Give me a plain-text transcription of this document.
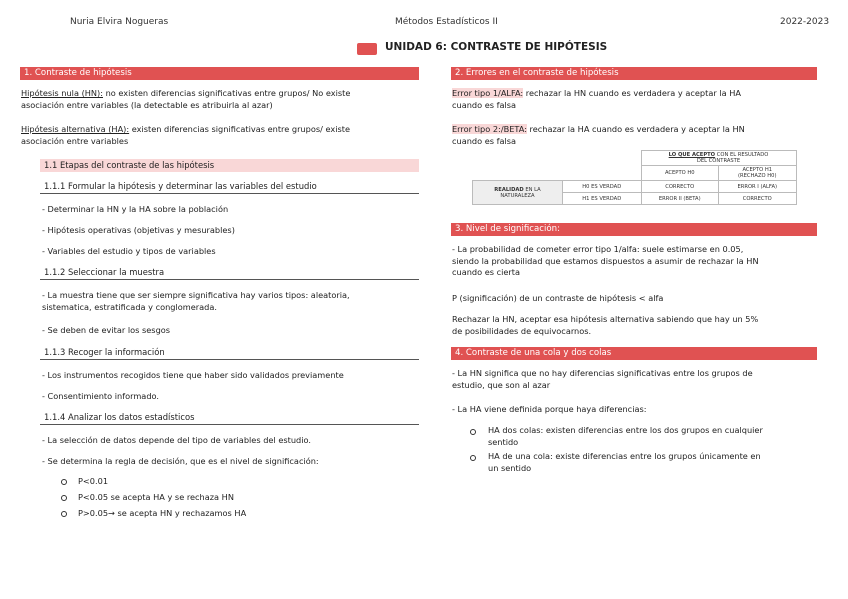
Nuria Elvira Nogueras	Métodos Estadísticos II	2022-2023
UNIDAD 6: CONTRASTE DE HIPÓTESIS
1. Contraste de hipótesis
Hipótesis nula (HN): no existen diferencias significativas entre grupos/ No existe
asociación entre variables (la detectable es atribuirla al azar)
Hipótesis alternativa (HA): existen diferencias significativas entre grupos/ existe
asociación entre variables
1.1 Etapas del contraste de las hipótesis
1.1.1 Formular la hipótesis y determinar las variables del estudio
- Determinar la HN y la HA sobre la población
- Hipótesis operativas (objetivas y mesurables)
- Variables del estudio y tipos de variables
1.1.2 Seleccionar la muestra
- La muestra tiene que ser siempre significativa hay varios tipos: aleatoria,
sistematica, estratificada y conglomerada.
- Se deben de evitar los sesgos
1.1.3 Recoger la información
- Los instrumentos recogidos tiene que haber sido validados previamente
- Consentimiento informado.
1.1.4 Analizar los datos estadísticos
- La selección de datos depende del tipo de variables del estudio.
- Se determina la regla de decisión, que es el nivel de significación:
P<0.01
P<0.05 se acepta HA y se rechaza HN
P>0.05→ se acepta HN y rechazamos HA
2. Errores en el contraste de hipótesis
Error tipo 1/ALFA: rechazar la HN cuando es verdadera y aceptar la HA
cuando es falsa
Error tipo 2:/BETA: rechazar la HA cuando es verdadera y aceptar la HN
cuando es falsa
		LO QUE ACEPTO CON EL RESULTADO
DEL CONTRASTE	
		ACEPTO H0	ACEPTO H1
(RECHAZO H0)
REALIDAD EN LA
NATURALEZA	H0 ES VERDAD	CORRECTO	ERROR I (ALFA)
	H1 ES VERDAD	ERROR II (BETA)	CORRECTO
3. Nivel de significación:
- La probabilidad de cometer error tipo 1/alfa: suele estimarse en 0.05,
siendo la probabilidad que estamos dispuestos a asumir de rechazar la HN
cuando es cierta
P (significación) de un contraste de hipótesis < alfa
Rechazar la HN, aceptar esa hipótesis alternativa sabiendo que hay un 5%
de posibilidades de equivocarnos.
4. Contraste de una cola y dos colas
- La HN significa que no hay diferencias significativas entre los grupos de
estudio, que son al azar
- La HA viene definida porque haya diferencias:
HA dos colas: existen diferencias entre los dos grupos en cualquier
sentido
HA de una cola: existe diferencias entre los grupos únicamente en
un sentido
